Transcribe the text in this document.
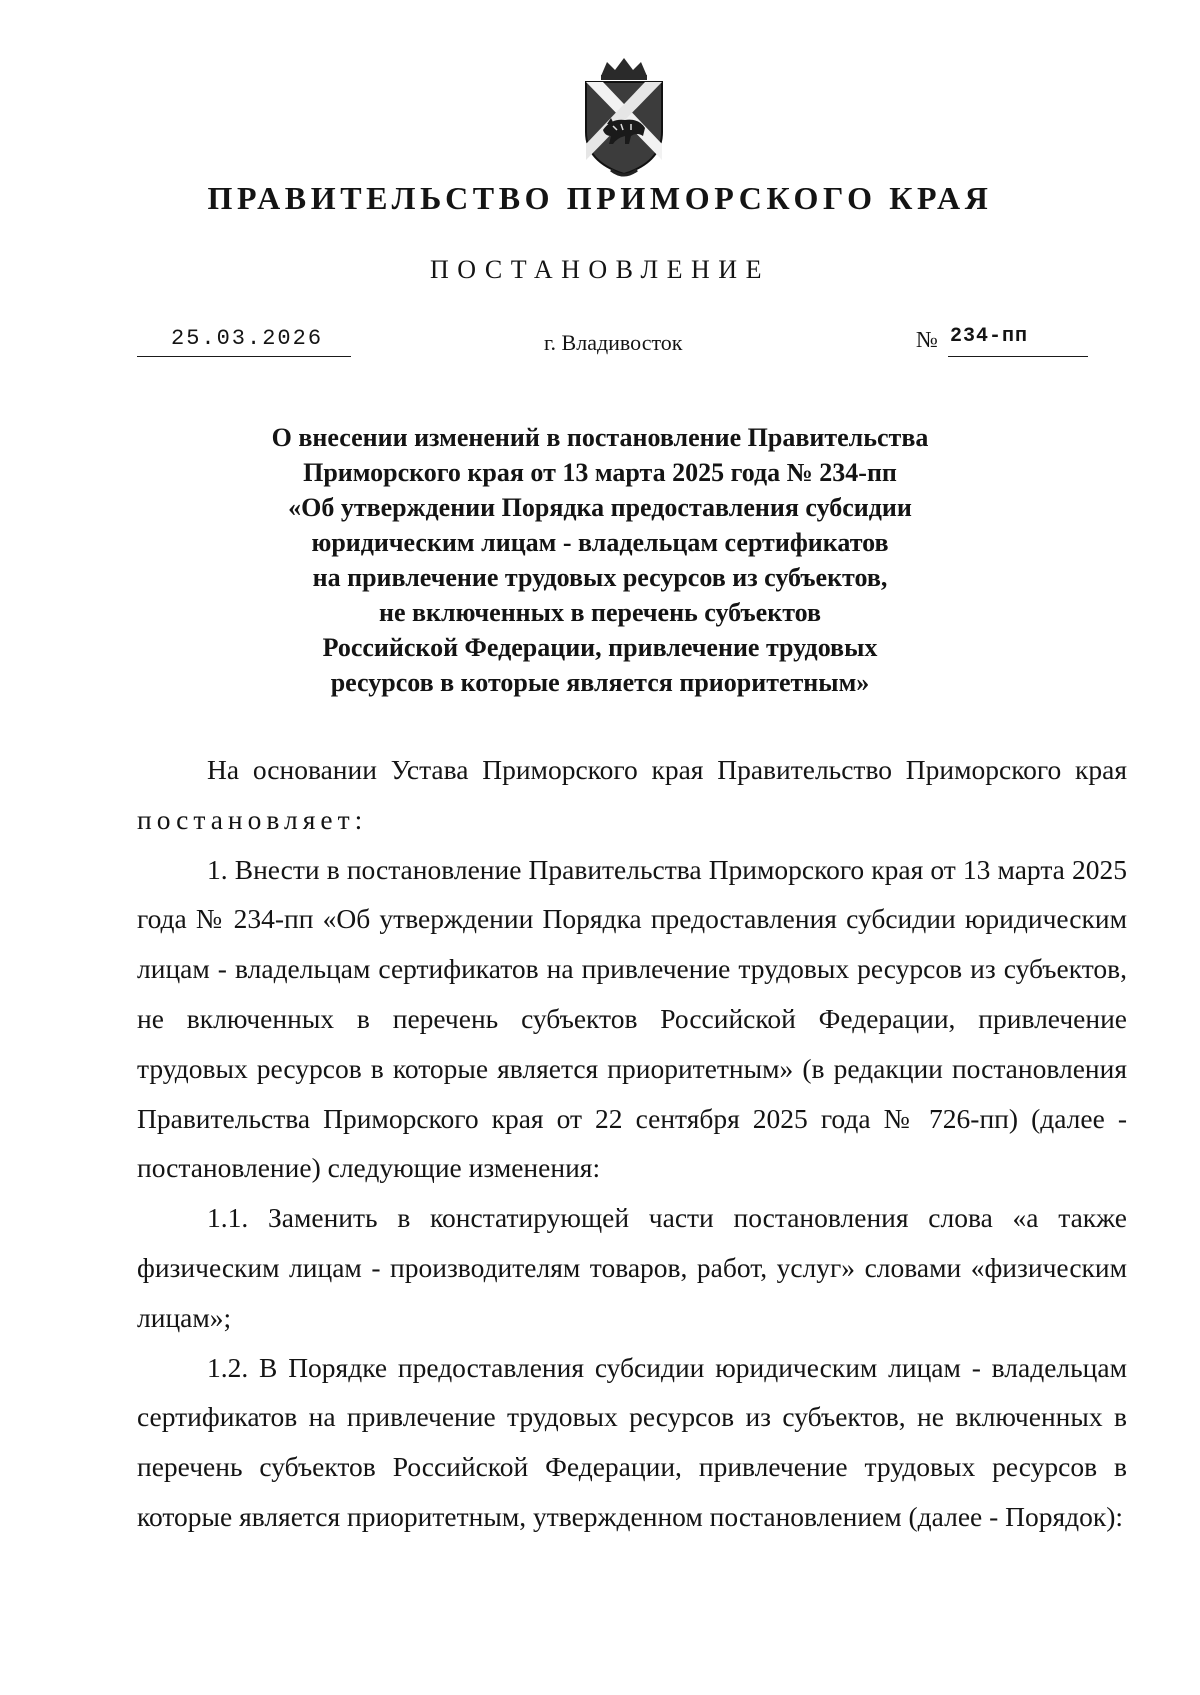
ПРАВИТЕЛЬСТВО ПРИМОРСКОГО КРАЯ
ПОСТАНОВЛЕНИЕ
25.03.2026	г. Владивосток	№ 234-пп
О внесении изменений в постановление Правительства
Приморского края от 13 марта 2025 года № 234-пп
«Об утверждении Порядка предоставления субсидии
юридическим лицам - владельцам сертификатов
на привлечение трудовых ресурсов из субъектов,
не включенных в перечень субъектов
Российской Федерации, привлечение трудовых
ресурсов в которые является приоритетным»

На основании Устава Приморского края Правительство Приморского края постановляет:

1. Внести в постановление Правительства Приморского края от 13 марта 2025 года № 234-пп «Об утверждении Порядка предоставления субсидии юридическим лицам - владельцам сертификатов на привлечение трудовых ресурсов из субъектов, не включенных в перечень субъектов Российской Федерации, привлечение трудовых ресурсов в которые является приоритетным» (в редакции постановления Правительства Приморского края от 22 сентября 2025 года № 726-пп) (далее - постановление) следующие изменения:

1.1. Заменить в констатирующей части постановления слова «а также физическим лицам - производителям товаров, работ, услуг» словами «физическим лицам»;

1.2. В Порядке предоставления субсидии юридическим лицам - владельцам сертификатов на привлечение трудовых ресурсов из субъектов, не включенных в перечень субъектов Российской Федерации, привлечение трудовых ресурсов в которые является приоритетным, утвержденном постановлением (далее - Порядок):
